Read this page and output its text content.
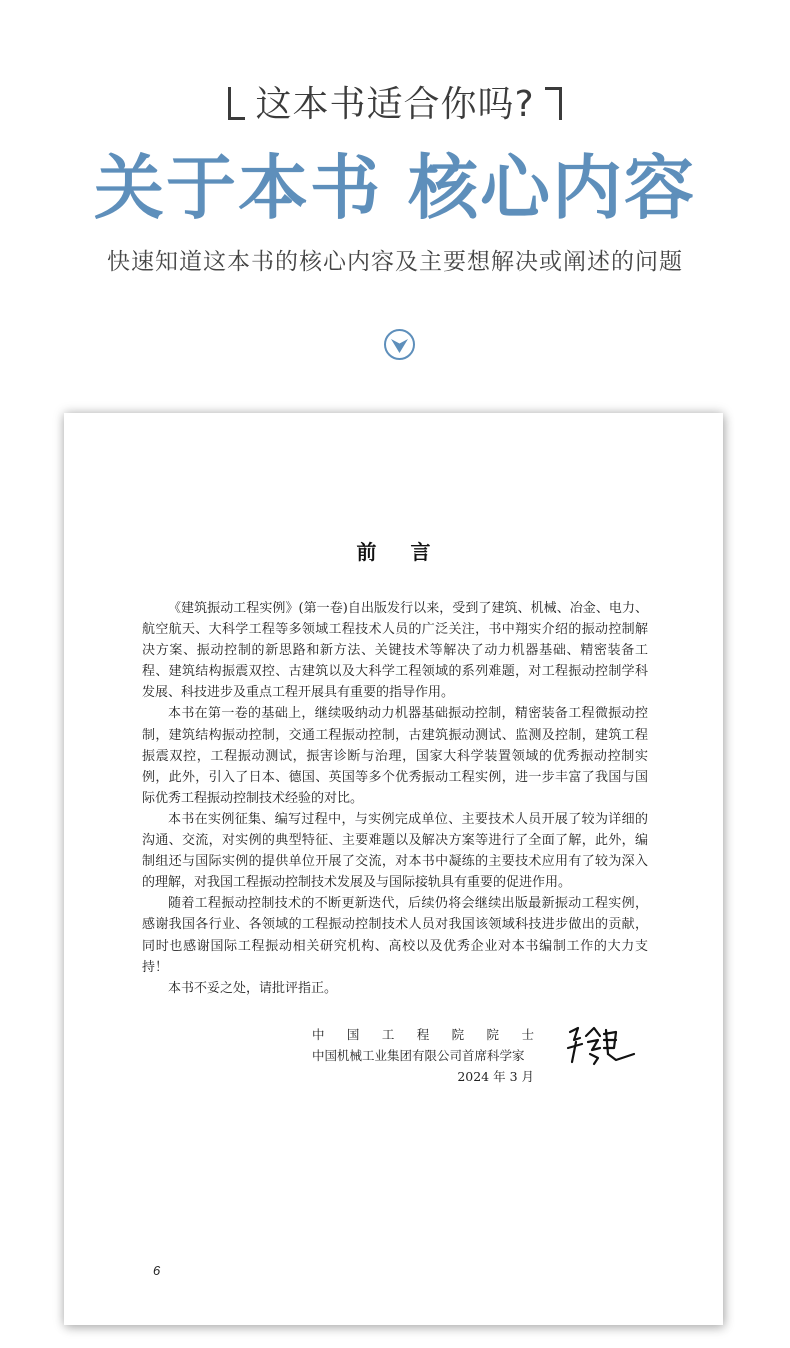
这本书适合你吗?
关于本书 核心内容
快速知道这本书的核心内容及主要想解决或阐述的问题
前言

《建筑振动工程实例》(第一卷)自出版发行以来，受到了建筑、机械、冶金、电力、航空航天、大科学工程等多领域工程技术人员的广泛关注，书中翔实介绍的振动控制解决方案、振动控制的新思路和新方法、关键技术等解决了动力机器基础、精密装备工程、建筑结构振震双控、古建筑以及大科学工程领域的系列难题，对工程振动控制学科发展、科技进步及重点工程开展具有重要的指导作用。

本书在第一卷的基础上，继续吸纳动力机器基础振动控制，精密装备工程微振动控制，建筑结构振动控制，交通工程振动控制，古建筑振动测试、监测及控制，建筑工程振震双控，工程振动测试，振害诊断与治理，国家大科学装置领域的优秀振动控制实例，此外，引入了日本、德国、英国等多个优秀振动工程实例，进一步丰富了我国与国际优秀工程振动控制技术经验的对比。

本书在实例征集、编写过程中，与实例完成单位、主要技术人员开展了较为详细的沟通、交流，对实例的典型特征、主要难题以及解决方案等进行了全面了解，此外，编制组还与国际实例的提供单位开展了交流，对本书中凝练的主要技术应用有了较为深入的理解，对我国工程振动控制技术发展及与国际接轨具有重要的促进作用。

随着工程振动控制技术的不断更新迭代，后续仍将会继续出版最新振动工程实例，感谢我国各行业、各领域的工程振动控制技术人员对我国该领域科技进步做出的贡献，同时也感谢国际工程振动相关研究机构、高校以及优秀企业对本书编制工作的大力支持！

本书不妥之处，请批评指正。

中 国 工 程 院 院 士
中国机械工业集团有限公司首席科学家
2024 年 3 月
6
